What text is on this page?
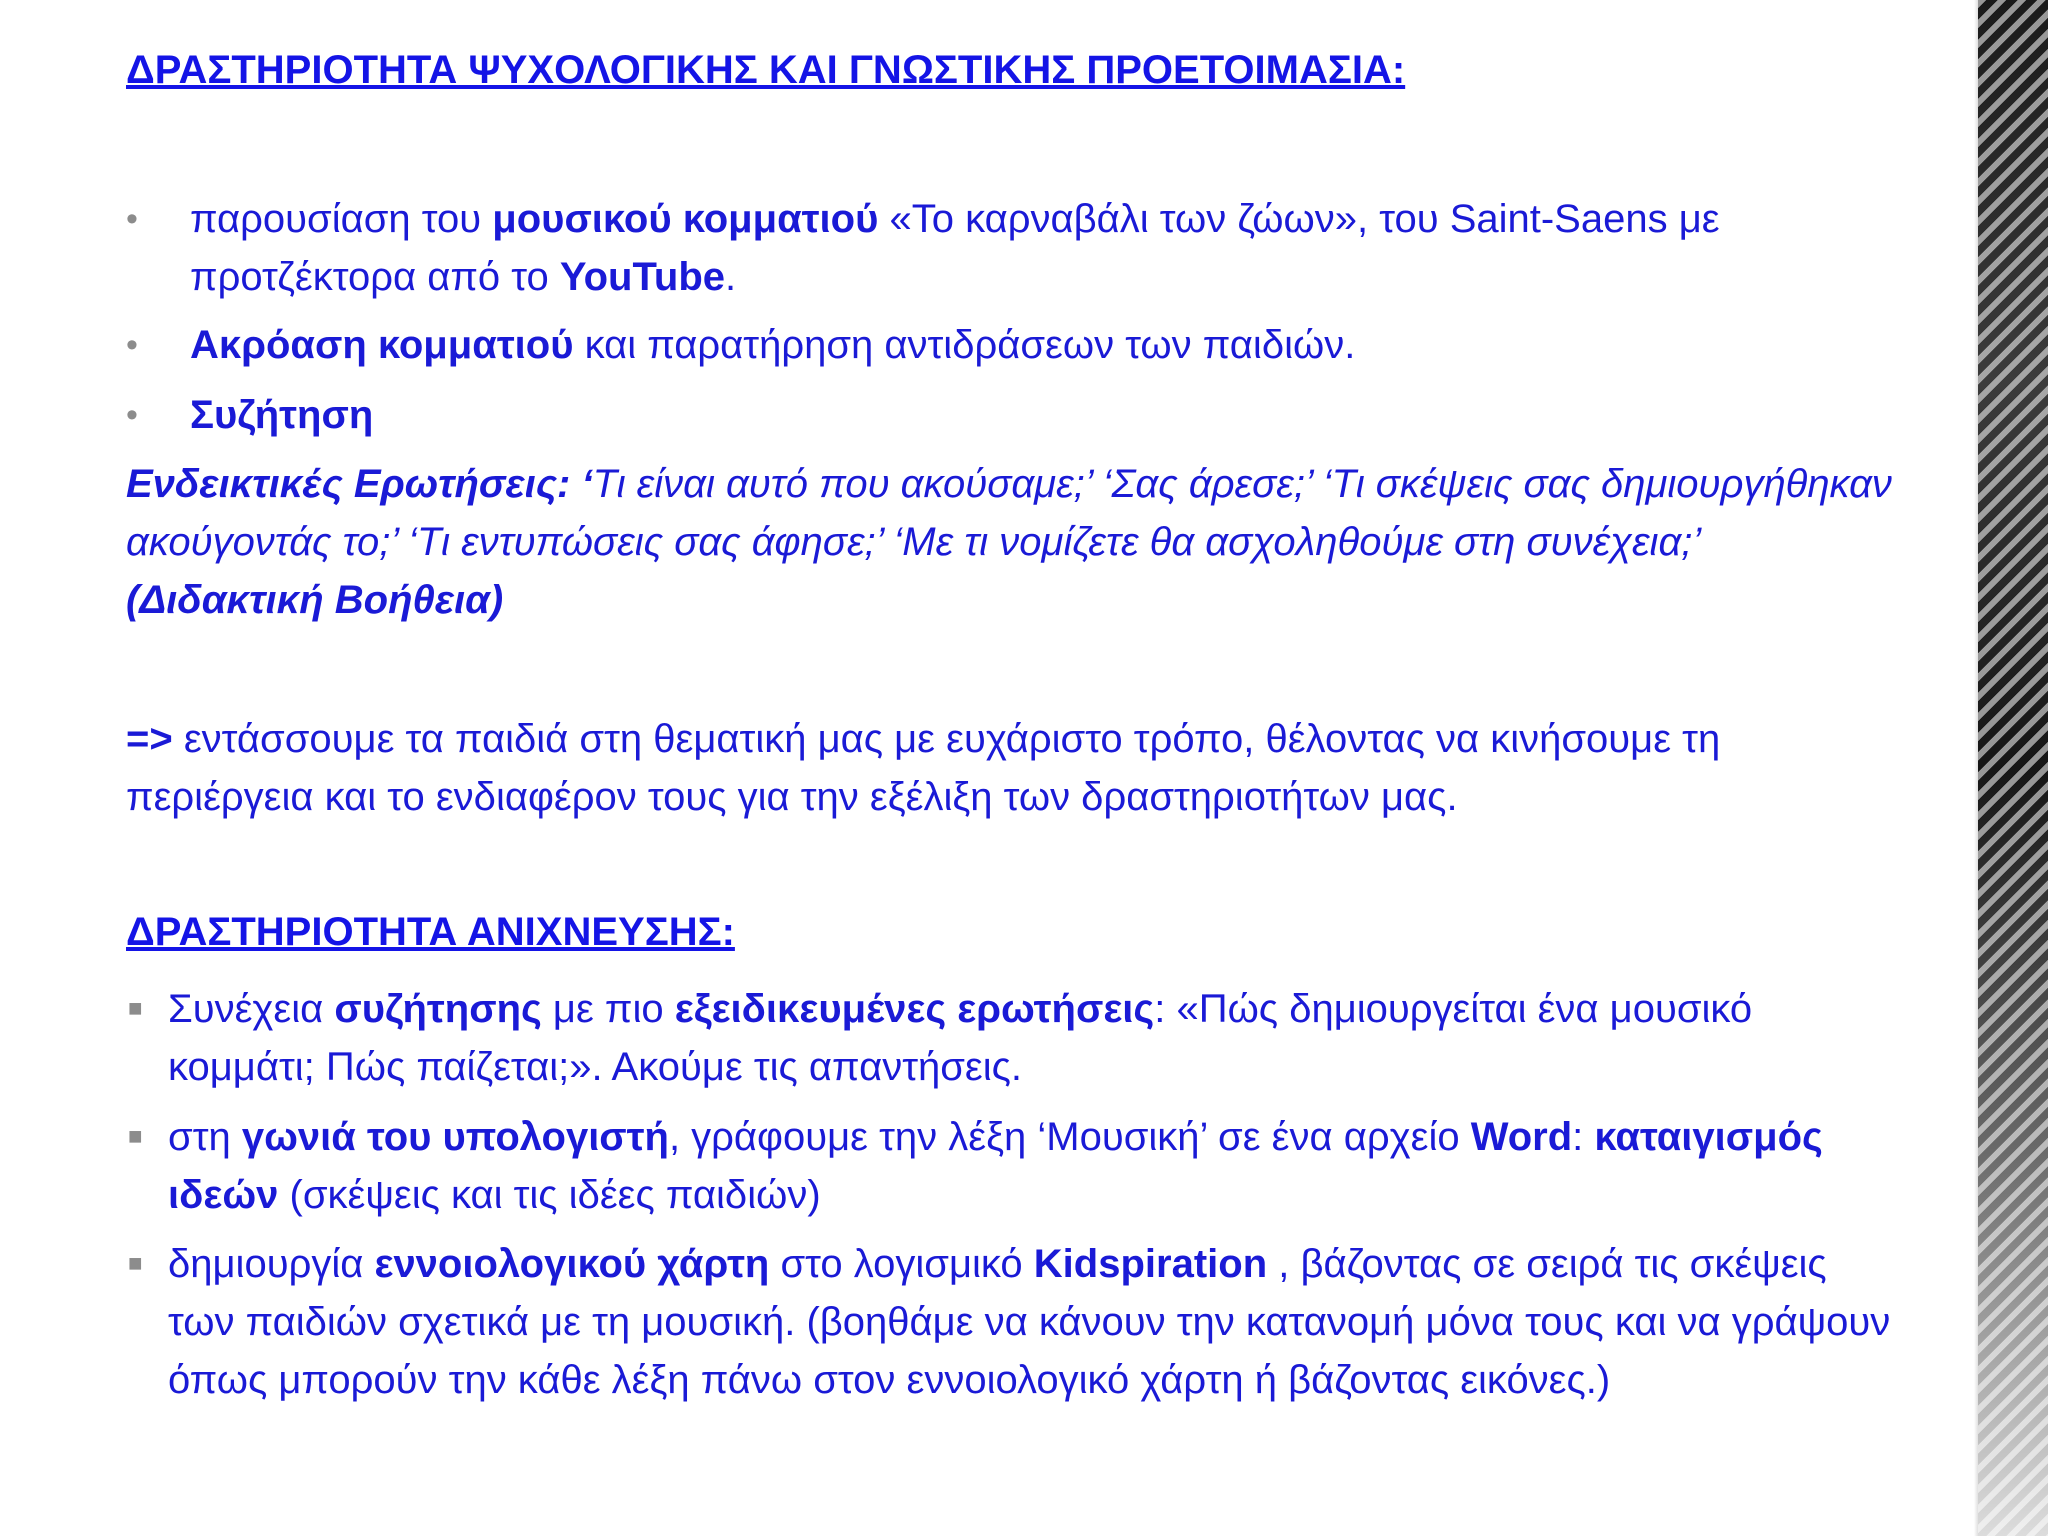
ΔΡΑΣΤΗΡΙΟΤΗΤΑ ΨΥΧΟΛΟΓΙΚΗΣ ΚΑΙ ΓΝΩΣΤΙΚΗΣ ΠΡΟΕΤΟΙΜΑΣΙΑ:
•	παρουσίαση του μουσικού κομματιού «Το καρναβάλι των ζώων», του Saint-Saens με προτζέκτορα από το YouTube.
•	Ακρόαση κομματιού και παρατήρηση αντιδράσεων των παιδιών.
•	Συζήτηση
Ενδεικτικές Ερωτήσεις: ‘Τι είναι αυτό που ακούσαμε;’ ‘Σας άρεσε;’ ‘Τι σκέψεις σας δημιουργήθηκαν ακούγοντάς το;’ ‘Τι εντυπώσεις σας άφησε;’ ‘Με τι νομίζετε θα ασχοληθούμε στη συνέχεια;’ (Διδακτική Βοήθεια)
=> εντάσσουμε τα παιδιά στη θεματική μας με ευχάριστο τρόπο, θέλοντας να κινήσουμε τη περιέργεια και το ενδιαφέρον τους για την εξέλιξη των δραστηριοτήτων μας.
ΔΡΑΣΤΗΡΙΟΤΗΤΑ ΑΝΙΧΝΕΥΣΗΣ:
■ Συνέχεια συζήτησης με πιο εξειδικευμένες ερωτήσεις: «Πώς δημιουργείται ένα μουσικό κομμάτι; Πώς παίζεται;». Ακούμε τις απαντήσεις.
■ στη γωνιά του υπολογιστή, γράφουμε την λέξη ‘Μουσική’ σε ένα αρχείο Word: καταιγισμός ιδεών (σκέψεις και τις ιδέες παιδιών)
■ δημιουργία εννοιολογικού χάρτη στο λογισμικό Kidspiration , βάζοντας σε σειρά τις σκέψεις των παιδιών σχετικά με τη μουσική. (βοηθάμε να κάνουν την κατανομή μόνα τους και να γράψουν όπως μπορούν την κάθε λέξη πάνω στον εννοιολογικό χάρτη ή βάζοντας εικόνες.)
